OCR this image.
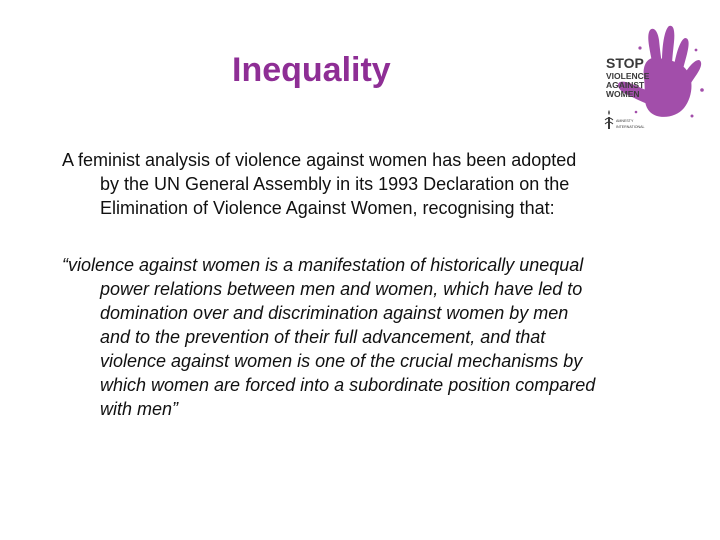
Inequality	STOP
VIOLENCE
AGAINST
WOMEN
AMNESTY
INTERNATIONAL

A feminist analysis of violence against women has been adopted
by the UN General Assembly in its 1993 Declaration on the
Elimination of Violence Against Women, recognising that:

“violence against women is a manifestation of historically unequal
power relations between men and women, which have led to
domination over and discrimination against women by men
and to the prevention of their full advancement, and that
violence against women is one of the crucial mechanisms by
which women are forced into a subordinate position compared
with men”
